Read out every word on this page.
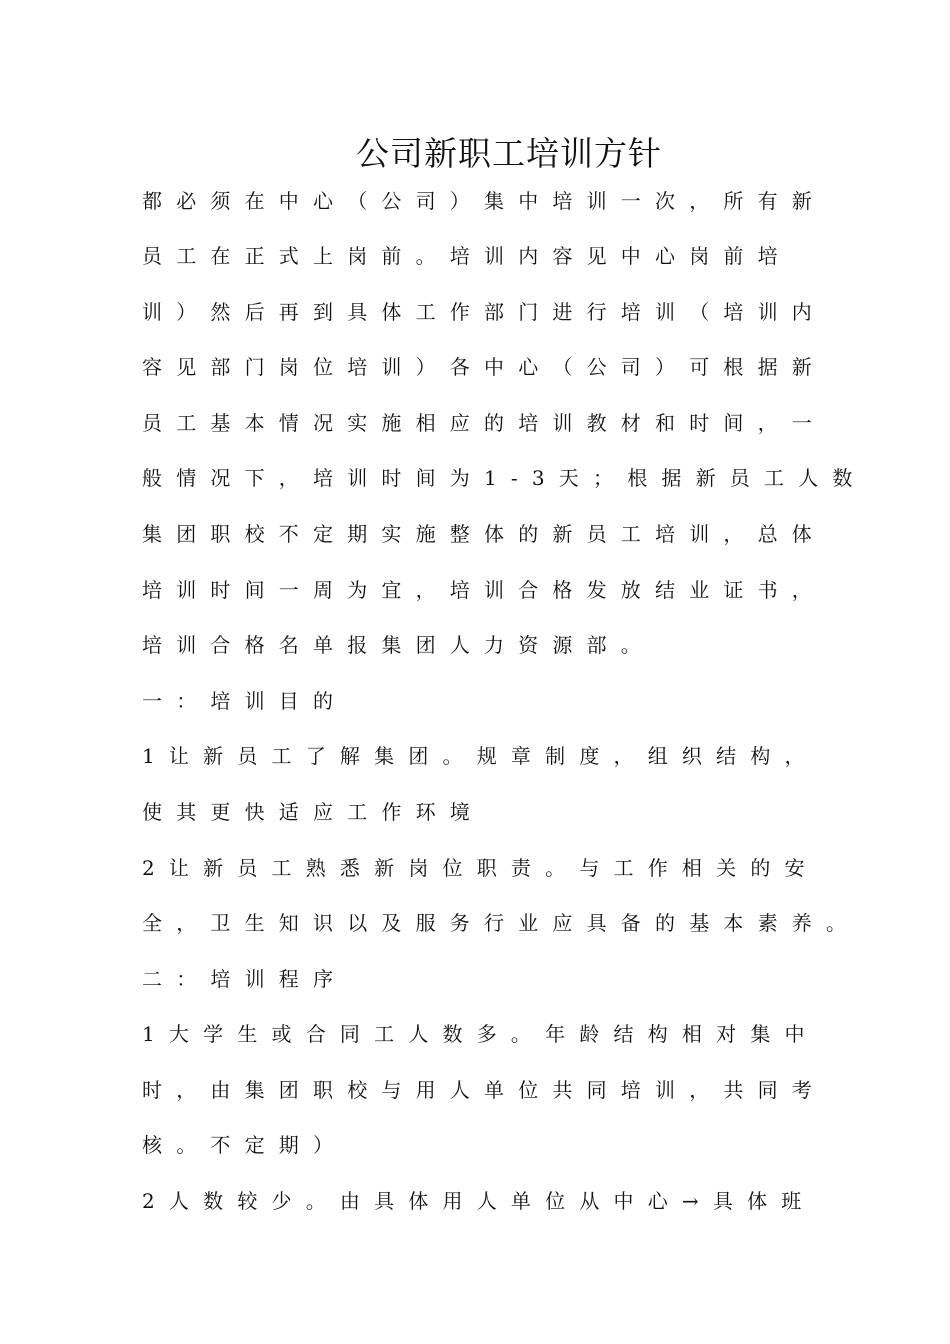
公司新职工培训方针
都必须在中心（公司）集中培训一次，所有新
员工在正式上岗前。培训内容见中心岗前培
训）然后再到具体工作部门进行培训（培训内
容见部门岗位培训）各中心（公司）可根据新
员工基本情况实施相应的培训教材和时间，一
般情况下，培训时间为1-3天；根据新员工人数
集团职校不定期实施整体的新员工培训，总体
培训时间一周为宜，培训合格发放结业证书，
培训合格名单报集团人力资源部。
一：培训目的
1让新员工了解集团。规章制度，组织结构，
使其更快适应工作环境
2让新员工熟悉新岗位职责。与工作相关的安
全，卫生知识以及服务行业应具备的基本素养。
二：培训程序
1大学生或合同工人数多。年龄结构相对集中
时，由集团职校与用人单位共同培训，共同考
核。不定期）
2人数较少。由具体用人单位从中心→具体班
